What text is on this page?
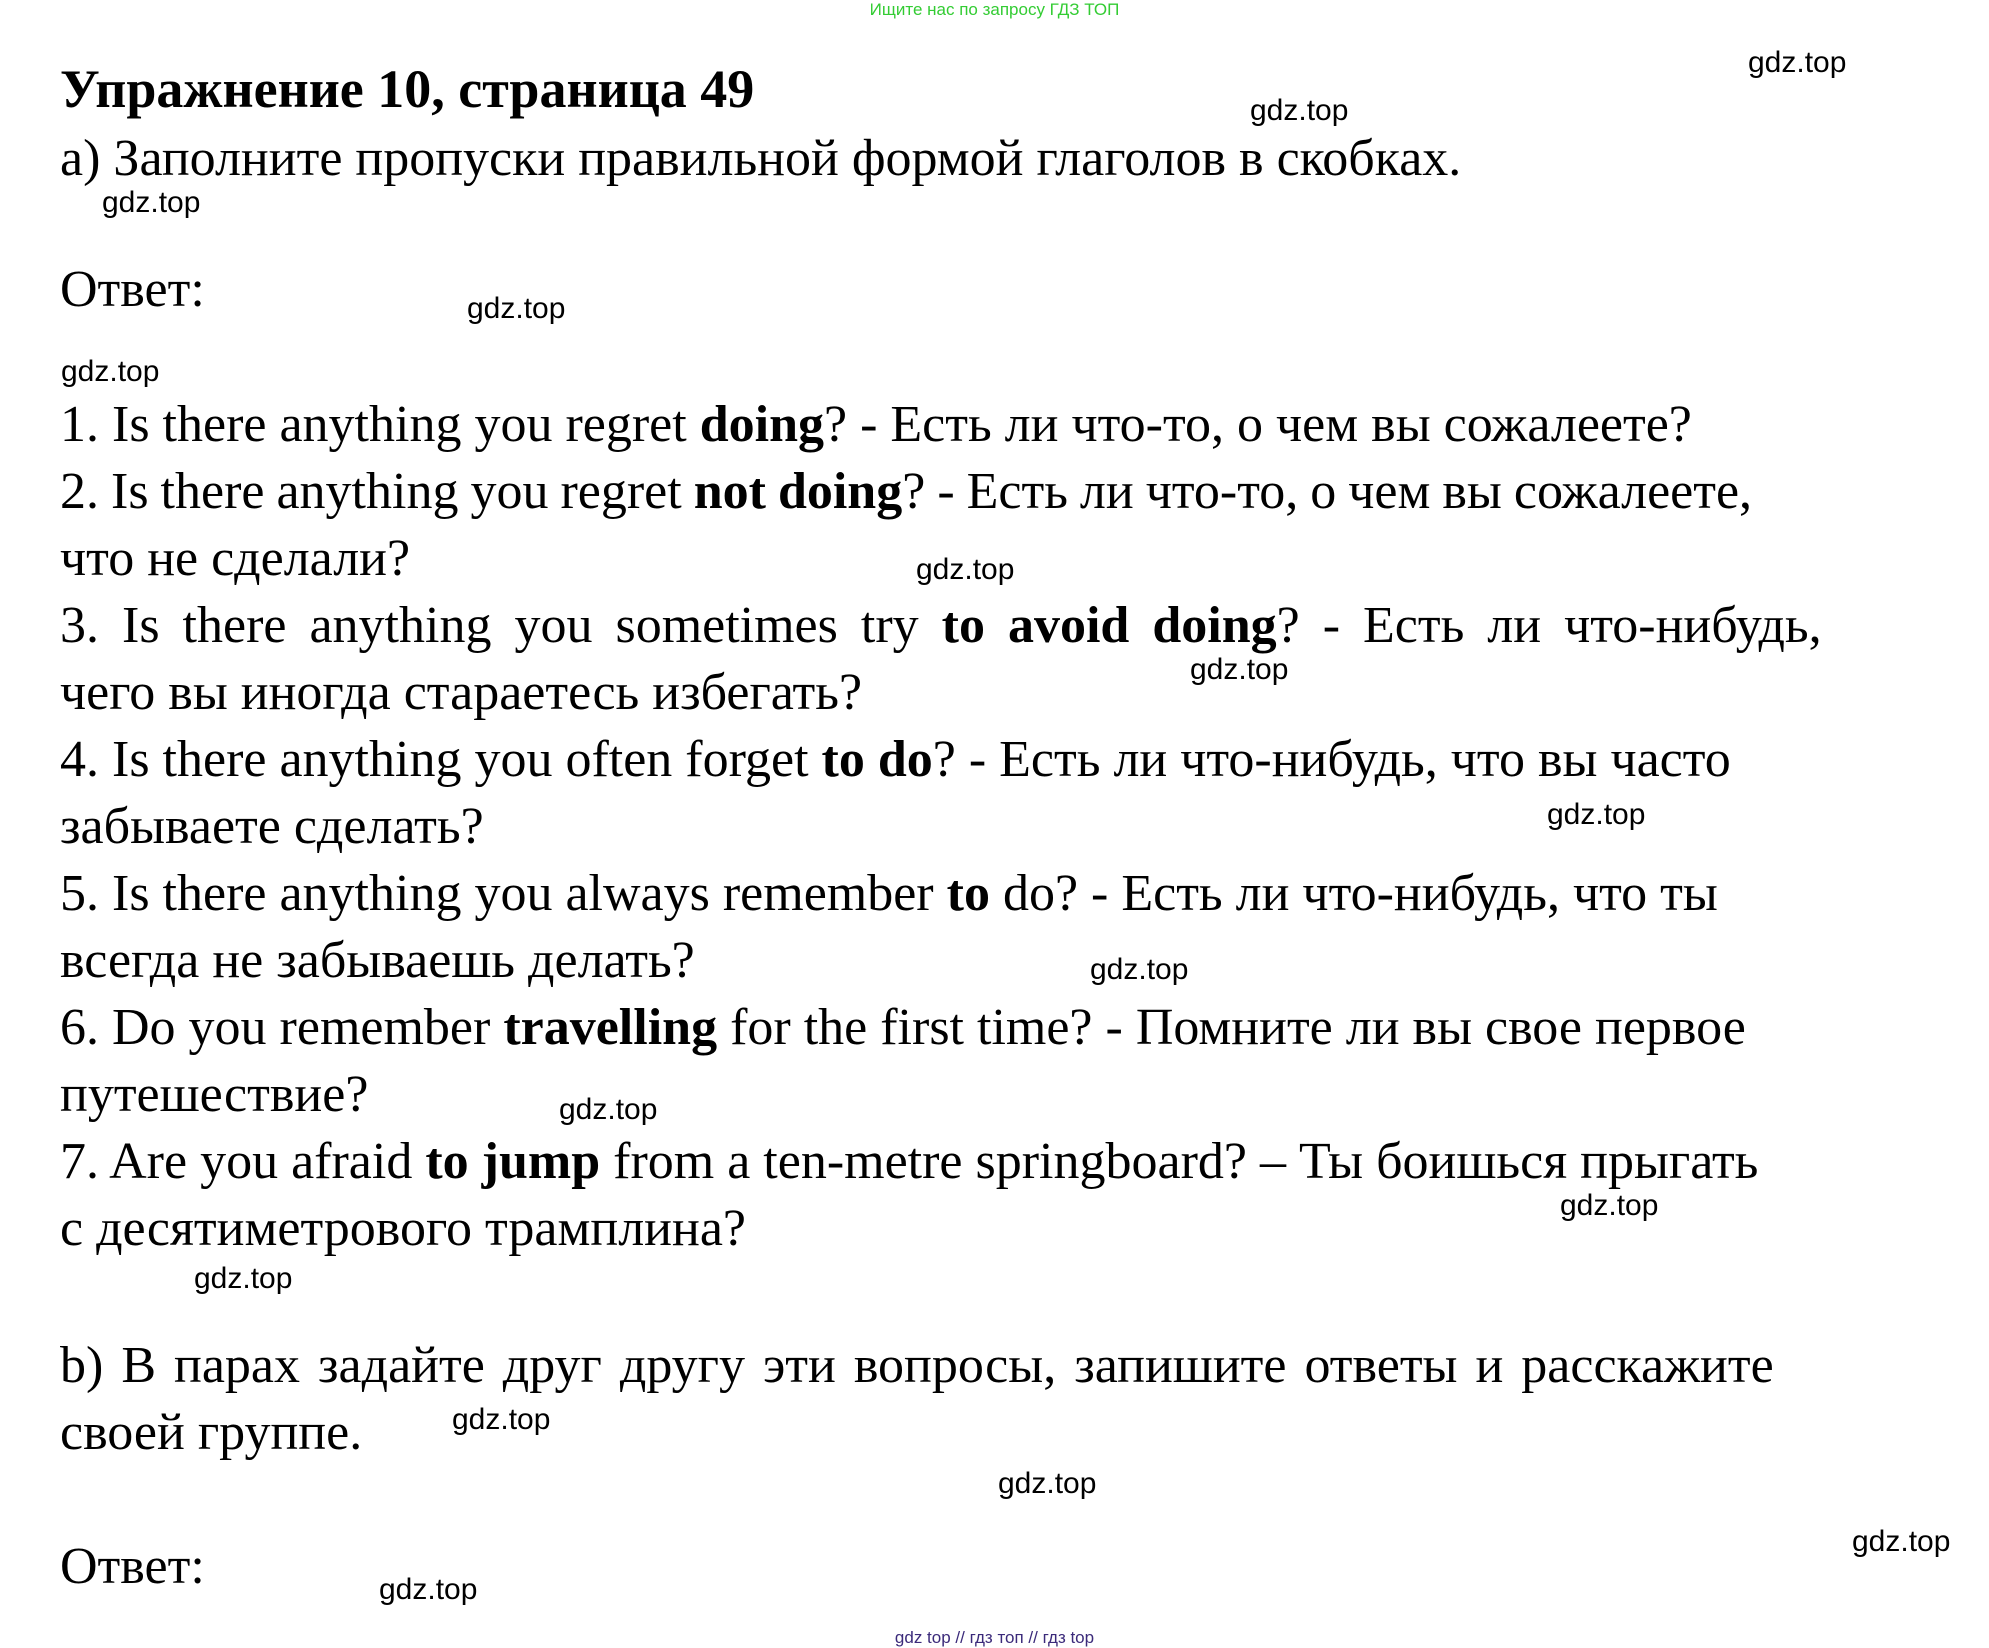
Ищите нас по запросу ГДЗ ТОП
Упражнение 10, страница 49
a) Заполните пропуски правильной формой глаголов в скобках.
Ответ:
1. Is there anything you regret doing? - Есть ли что-то, о чем вы сожалеете?
2. Is there anything you regret not doing? - Есть ли что-то, о чем вы сожалеете,
что не сделали?
3. Is there anything you sometimes try to avoid doing? - Есть ли что-нибудь,
чего вы иногда стараетесь избегать?
4. Is there anything you often forget to do? - Есть ли что-нибудь, что вы часто
забываете сделать?
5. Is there anything you always remember to do? - Есть ли что-нибудь, что ты
всегда не забываешь делать?
6. Do you remember travelling for the first time? - Помните ли вы свое первое
путешествие?
7. Are you afraid to jump from a ten-metre springboard? – Ты боишься прыгать
с десятиметрового трамплина?
b) В парах задайте друг другу эти вопросы, запишите ответы и расскажите
своей группе.
Ответ:
gdz.top
gdz.top
gdz.top
gdz.top
gdz.top
gdz.top
gdz.top
gdz.top
gdz.top
gdz.top
gdz.top
gdz.top
gdz.top
gdz.top
gdz.top
gdz.top
gdz top // гдз топ // гдз top
